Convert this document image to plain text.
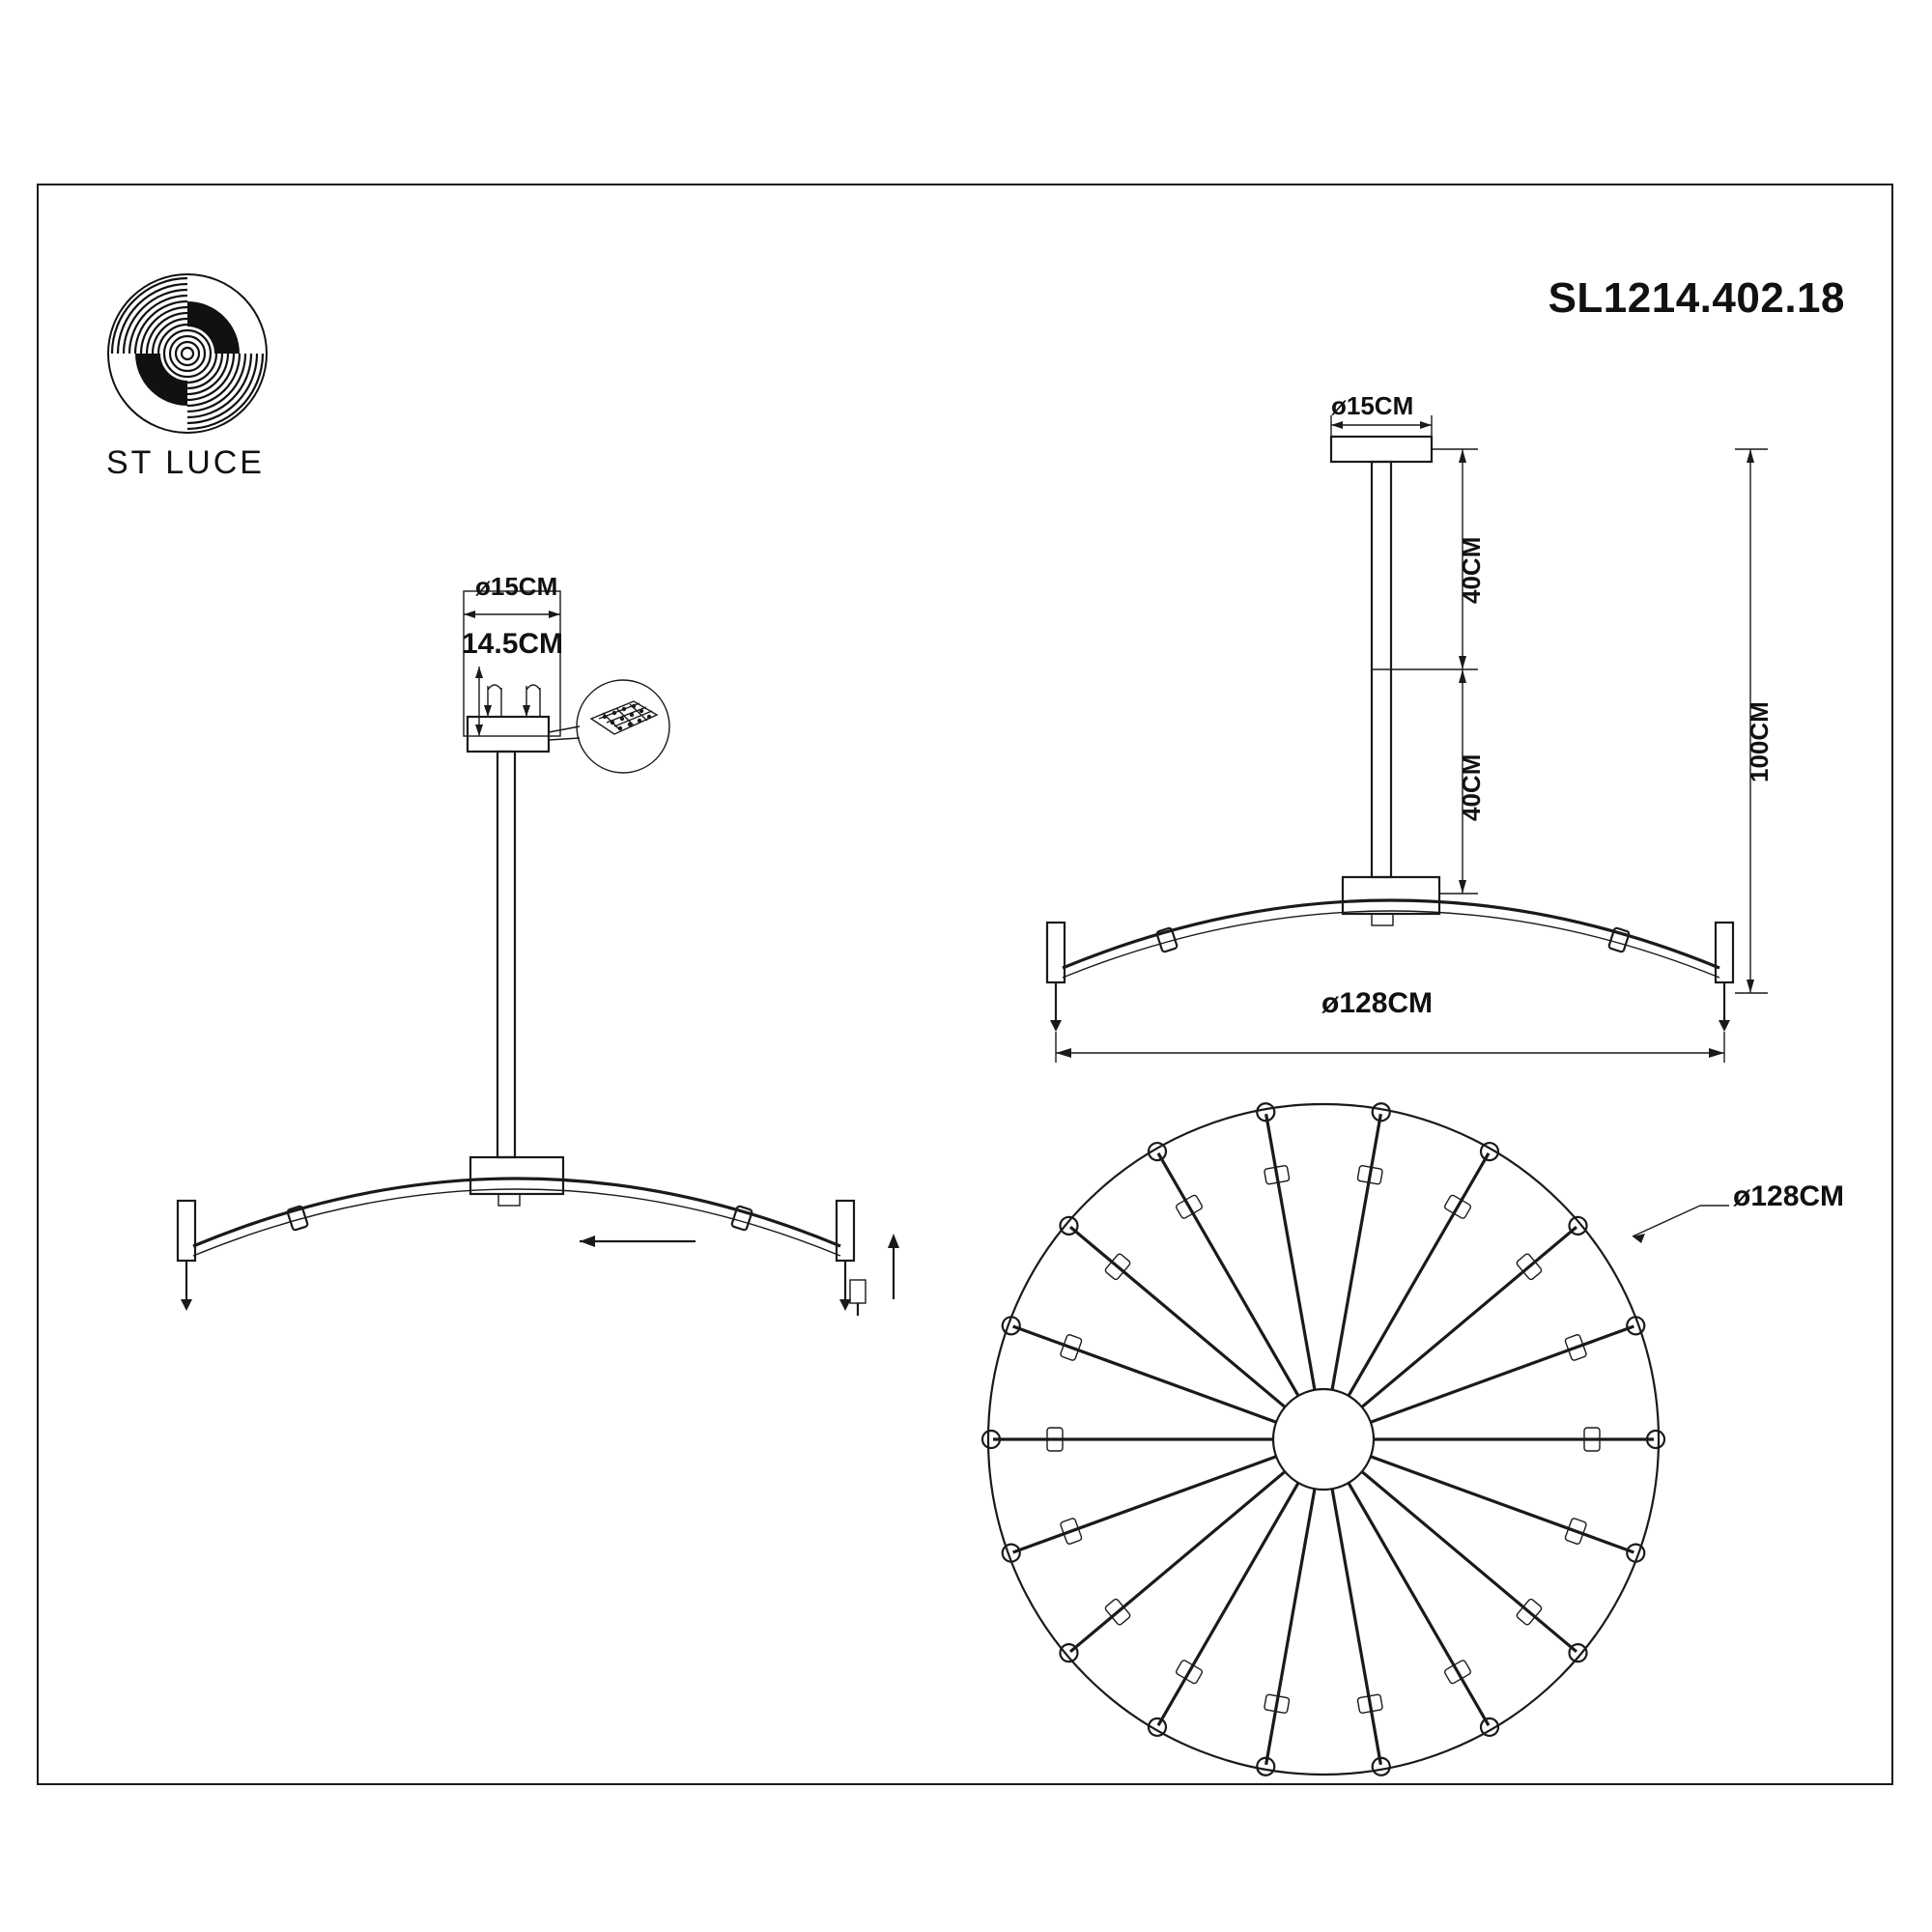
ST LUCE
SL1214.402.18
ø15CM
14.5CM
ø15CM
40CM
40CM
100CM
ø128CM
ø128CM
